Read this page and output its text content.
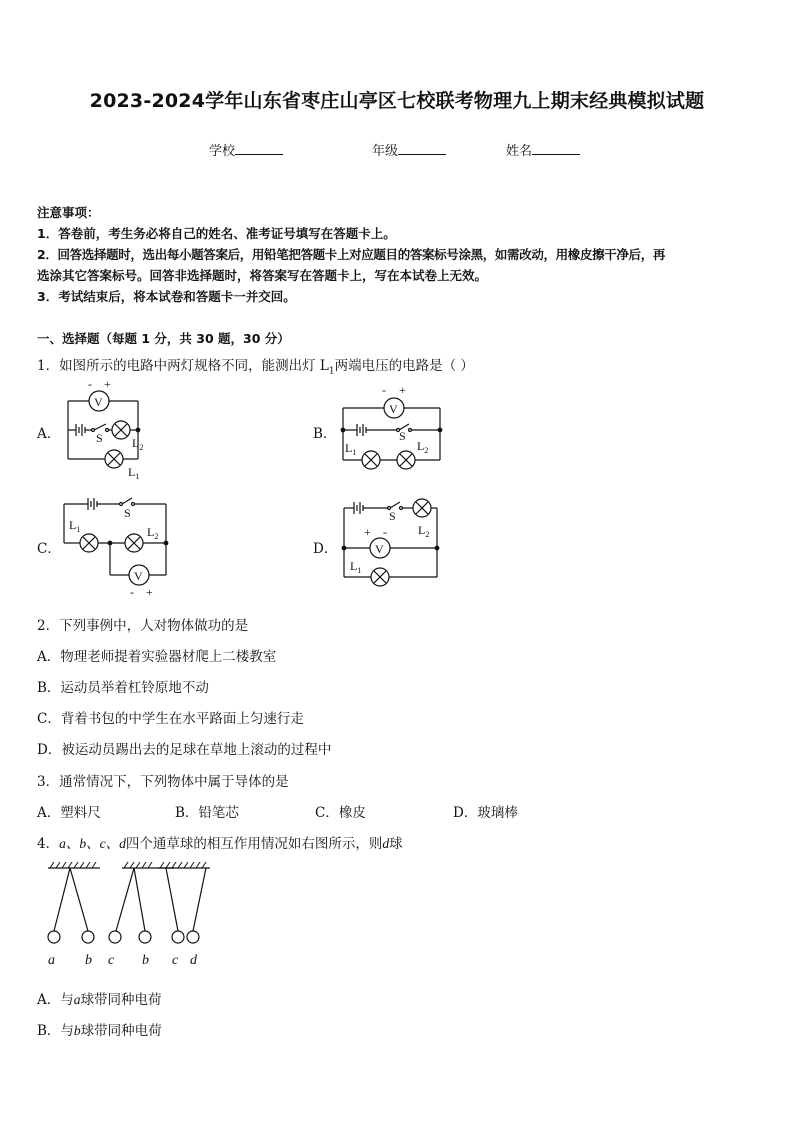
2023-2024学年山东省枣庄山亭区七校联考物理九上期末经典模拟试题
学校	年级	姓名
注意事项：
1．答卷前，考生务必将自己的姓名、准考证号填写在答题卡上。
2．回答选择题时，选出每小题答案后，用铅笔把答题卡上对应题目的答案标号涂黑，如需改动，用橡皮擦干净后，再
选涂其它答案标号。回答非选择题时，将答案写在答题卡上，写在本试卷上无效。
3．考试结束后，将本试卷和答题卡一并交回。
一、选择题（每题 1 分，共 30 题，30 分）
1．如图所示的电路中两灯规格不同，能测出灯 $L_1$两端电压的电路是（ ）
A．	B．
C．	D．
- +
V
S $L_2$
$L_1$
- +
V
S
$L_1$	$L_2$
S
$L_1$	$L_2$
V
- +
S
$L_2$
+ -
V
$L_1$
2．下列事例中，人对物体做功的是
A．物理老师提着实验器材爬上二楼教室
B．运动员举着杠铃原地不动
C．背着书包的中学生在水平路面上匀速行走
D．被运动员踢出去的足球在草地上滚动的过程中
3．通常情况下，下列物体中属于导体的是
A．塑料尺	B．铅笔芯	C．橡皮	D．玻璃棒
4．a、b、c、d四个通草球的相互作用情况如右图所示，则d球
a b c b c d
A．与a球带同种电荷
B．与b球带同种电荷
